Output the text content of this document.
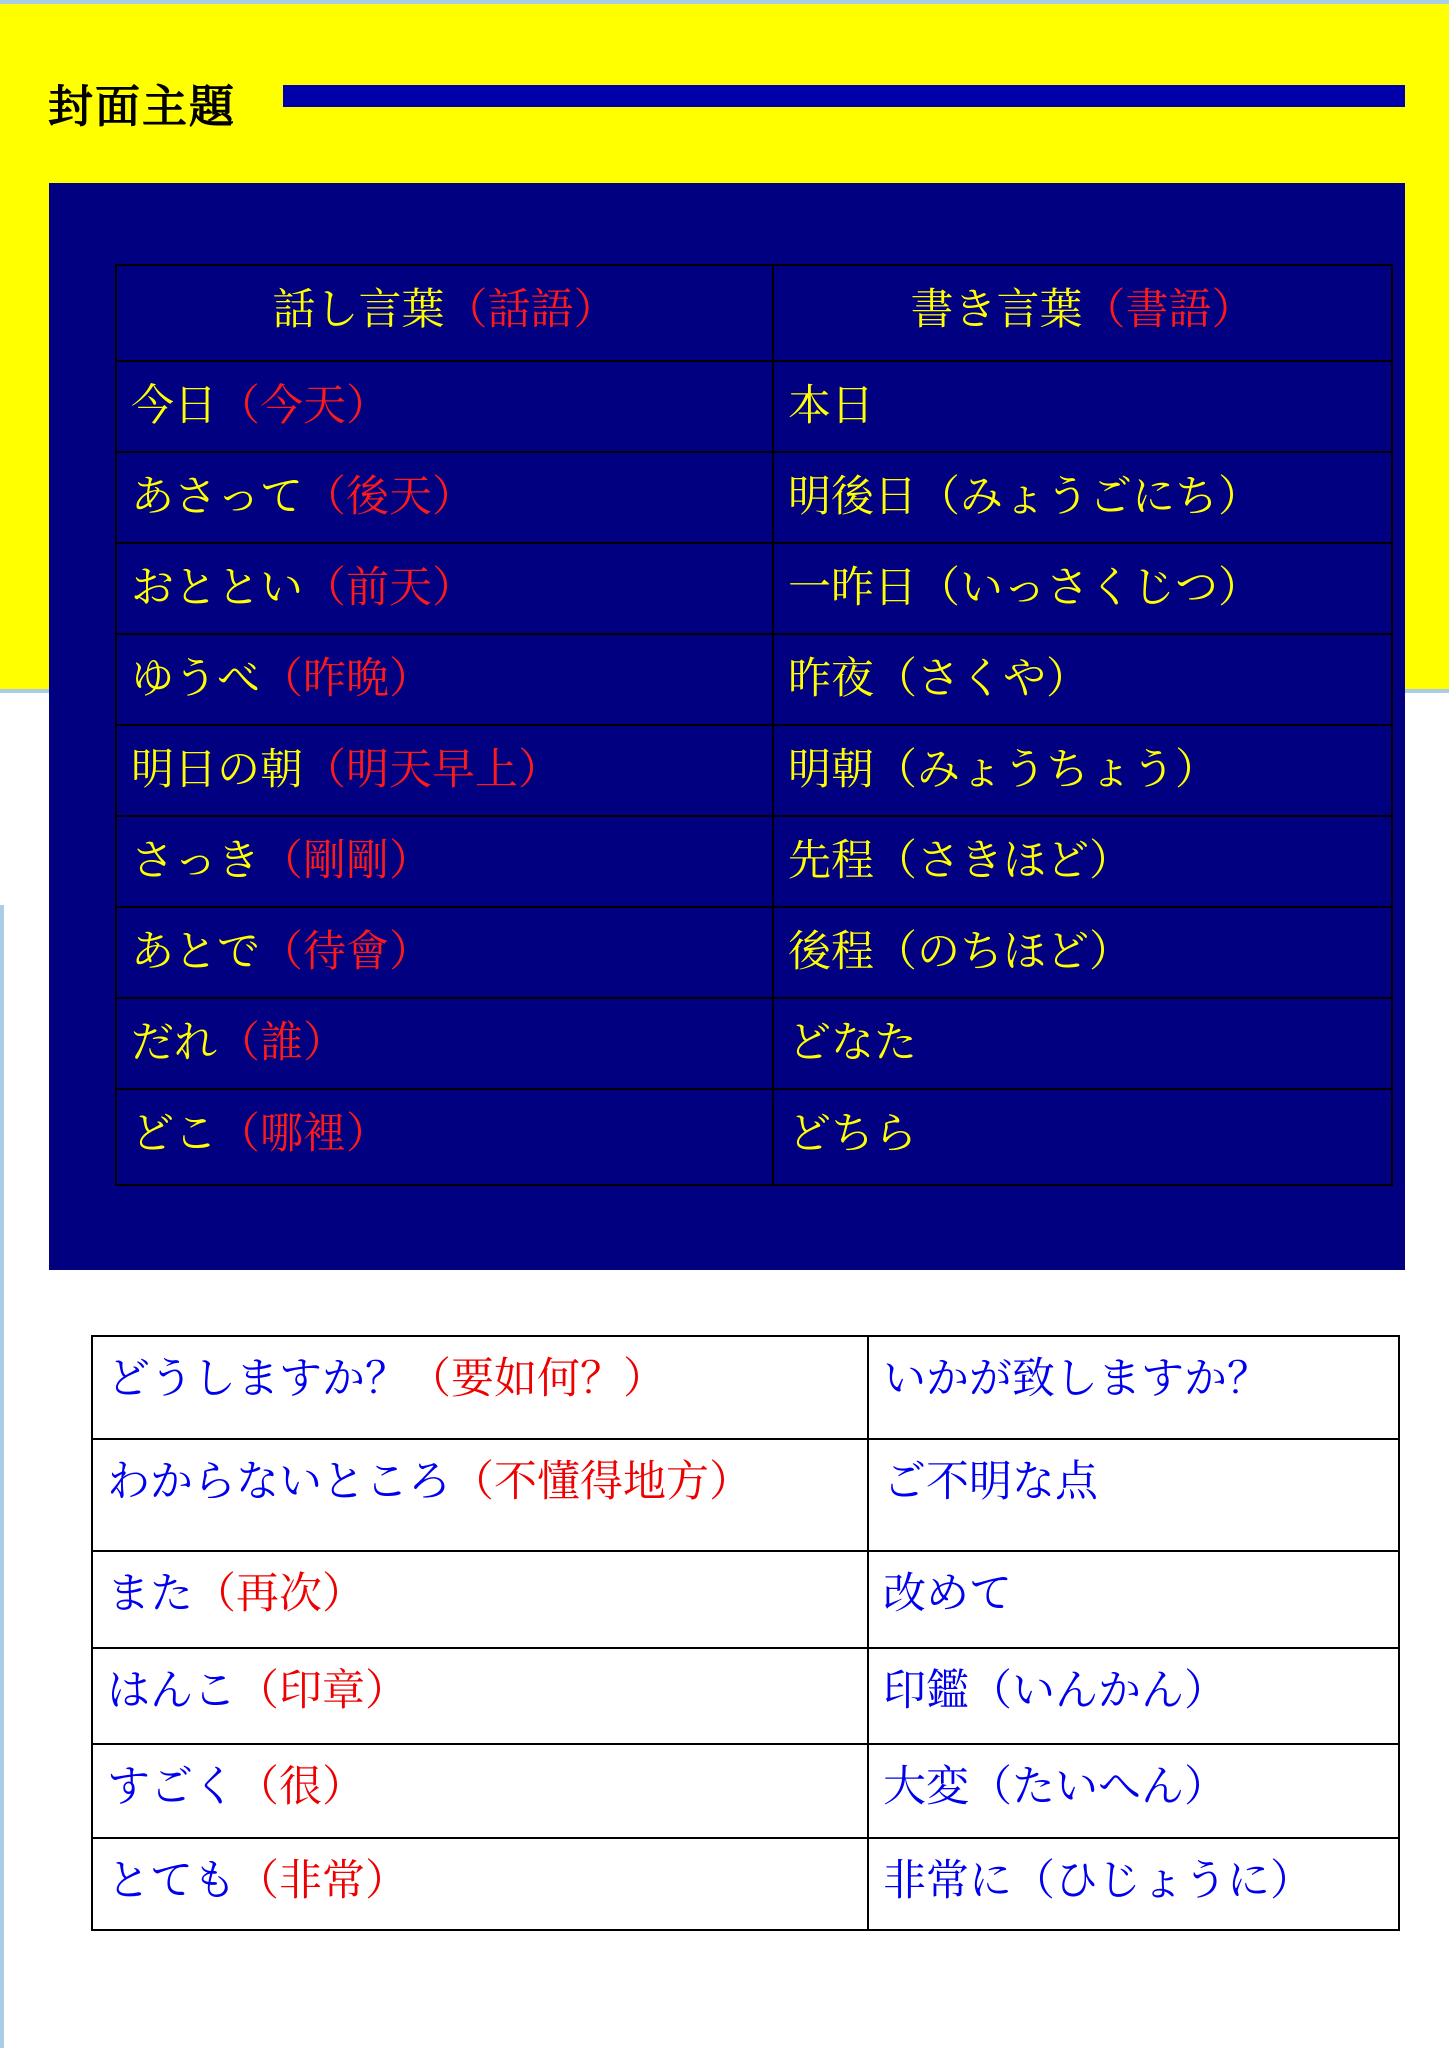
封面主題
話し言葉（話語）	書き言葉（書語）
今日（今天）	本日
あさって（後天）	明後日（みょうごにち）
おととい（前天）	一昨日（いっさくじつ）
ゆうべ（昨晩）	昨夜（さくや）
明日の朝（明天早上）	明朝（みょうちょう）
さっき（剛剛）	先程（さきほど）
あとで（待會）	後程（のちほど）
だれ（誰）	どなた
どこ（哪裡）	どちら
どうしますか？（要如何？）	いかが致しますか？
わからないところ（不懂得地方）	ご不明な点
また（再次）	改めて
はんこ（印章）	印鑑（いんかん）
すごく（很）	大変（たいへん）
とても（非常）	非常に（ひじょうに）
